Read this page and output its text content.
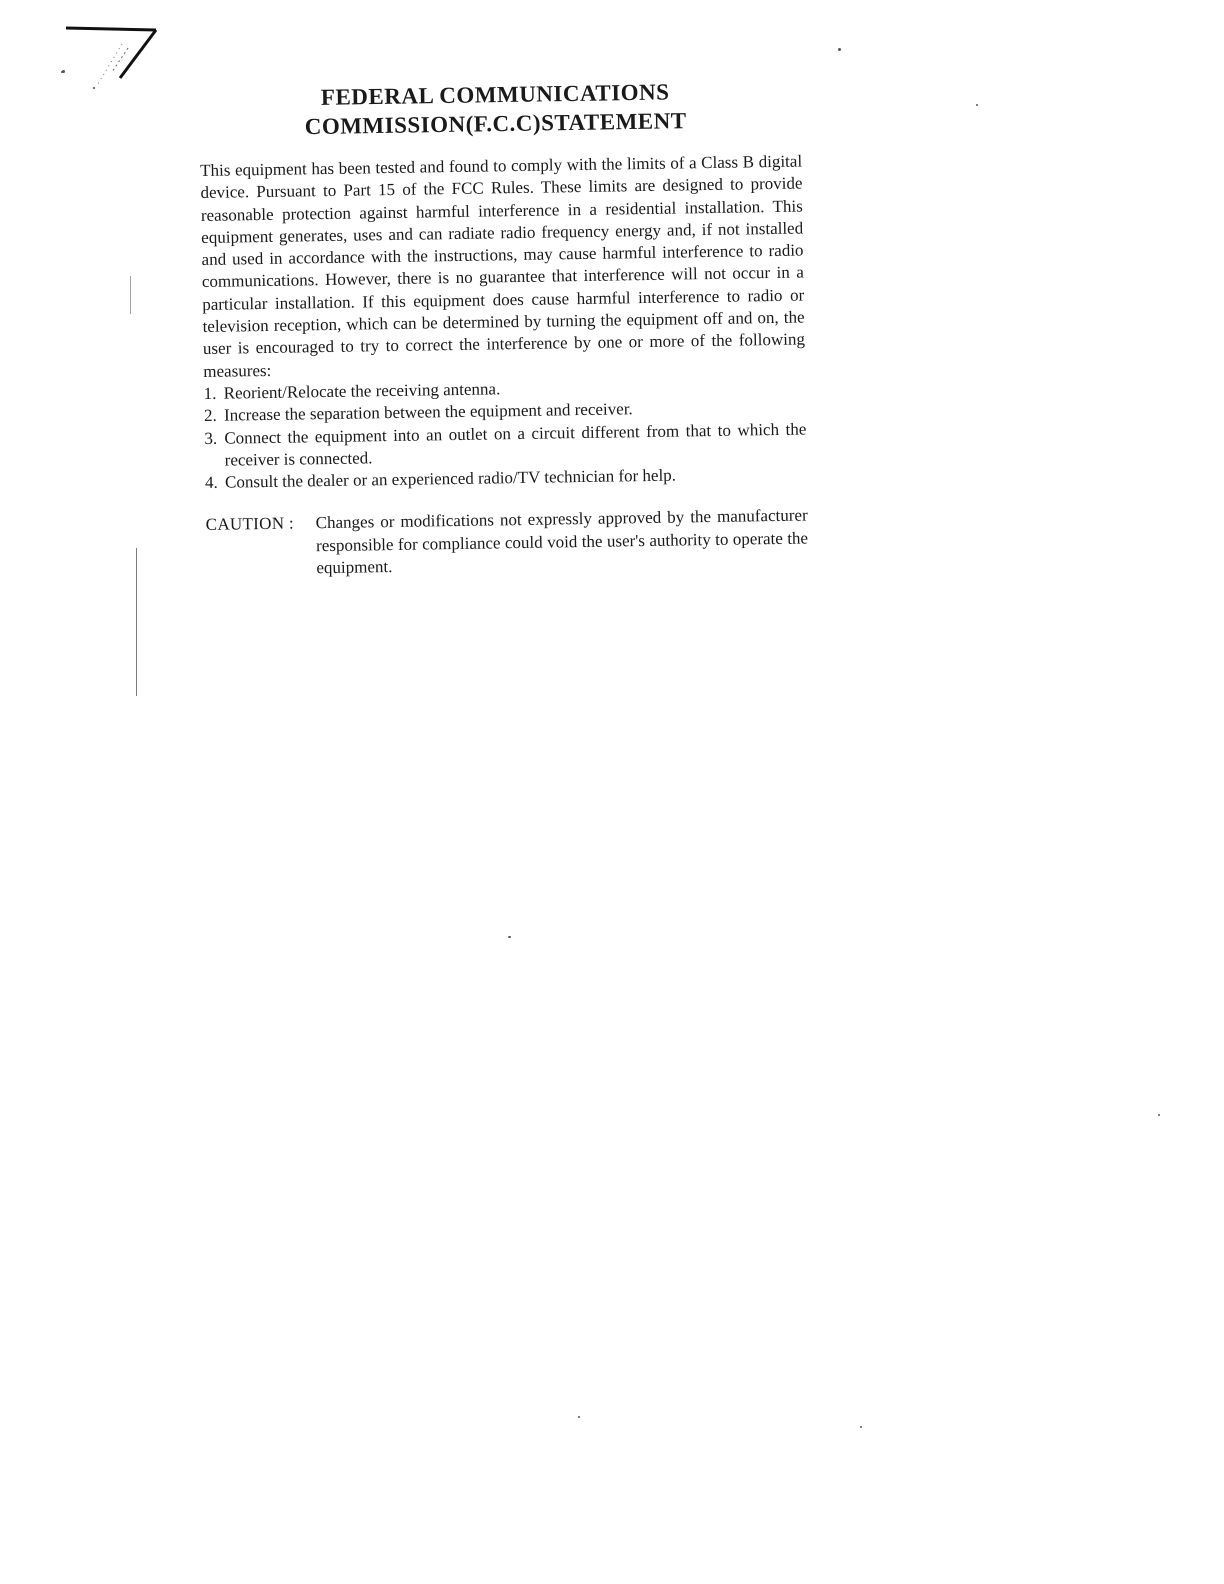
FEDERAL COMMUNICATIONS
COMMISSION(F.C.C)STATEMENT

This equipment has been tested and found to comply with the limits of a Class B digital device. Pursuant to Part 15 of the FCC Rules. These limits are designed to provide reasonable protection against harmful interference in a residential installation. This equipment generates, uses and can radiate radio frequency energy and, if not installed and used in accordance with the instructions, may cause harmful interference to radio communications. However, there is no guarantee that interference will not occur in a particular installation. If this equipment does cause harmful interference to radio or television reception, which can be determined by turning the equipment off and on, the user is encouraged to try to correct the interference by one or more of the following measures:

1. Reorient/Relocate the receiving antenna.
2. Increase the separation between the equipment and receiver.
3. Connect the equipment into an outlet on a circuit different from that to which the receiver is connected.
4. Consult the dealer or an experienced radio/TV technician for help.
CAUTION :	Changes or modifications not expressly approved by the manufacturer responsible for compliance could void the user's authority to operate the equipment.
